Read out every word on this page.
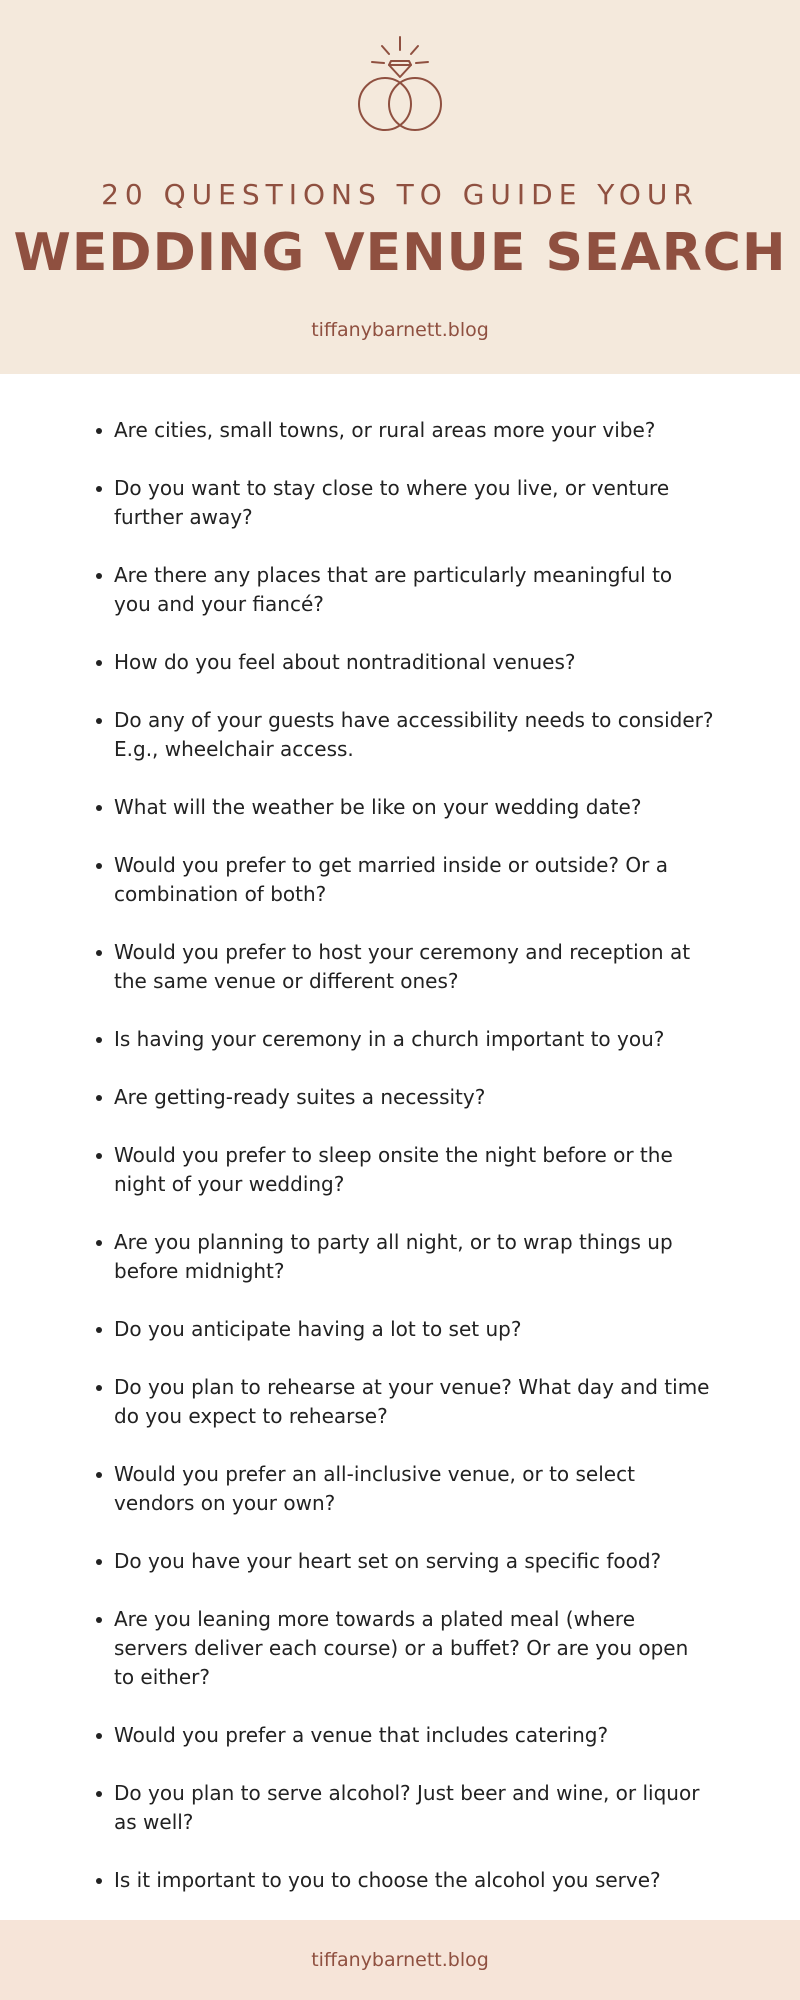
20 QUESTIONS TO GUIDE YOUR
WEDDING VENUE SEARCH
tiffanybarnett.blog
Are cities, small towns, or rural areas more your vibe?
Do you want to stay close to where you live, or venture further away?
Are there any places that are particularly meaningful to you and your fiancé?
How do you feel about nontraditional venues?
Do any of your guests have accessibility needs to consider? E.g., wheelchair access.
What will the weather be like on your wedding date?
Would you prefer to get married inside or outside? Or a combination of both?
Would you prefer to host your ceremony and reception at the same venue or different ones?
Is having your ceremony in a church important to you?
Are getting-ready suites a necessity?
Would you prefer to sleep onsite the night before or the night of your wedding?
Are you planning to party all night, or to wrap things up before midnight?
Do you anticipate having a lot to set up?
Do you plan to rehearse at your venue? What day and time do you expect to rehearse?
Would you prefer an all-inclusive venue, or to select vendors on your own?
Do you have your heart set on serving a specific food?
Are you leaning more towards a plated meal (where servers deliver each course) or a buffet? Or are you open to either?
Would you prefer a venue that includes catering?
Do you plan to serve alcohol? Just beer and wine, or liquor as well?
Is it important to you to choose the alcohol you serve?
tiffanybarnett.blog
